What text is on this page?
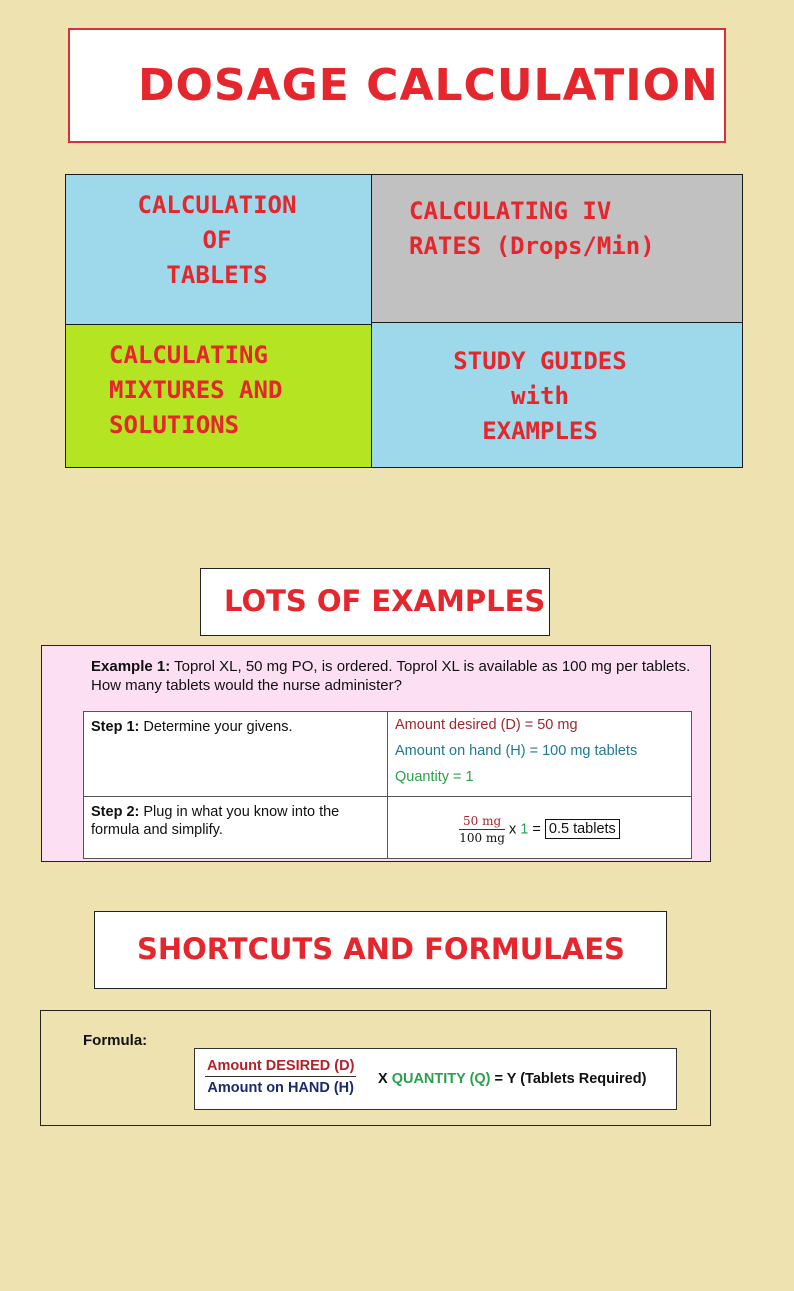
DOSAGE CALCULATION
CALCULATION
OF
TABLETS
CALCULATING IV
RATES (Drops/Min)
CALCULATING
MIXTURES AND
SOLUTIONS
STUDY GUIDES
with
EXAMPLES
LOTS OF EXAMPLES
Example 1: Toprol XL, 50 mg PO, is ordered. Toprol XL is available as 100 mg per tablets. How many tablets would the nurse administer?
Step 1: Determine your givens.	Amount desired (D) = 50 mg
Amount on hand (H) = 100 mg tablets
Quantity = 1

Step 2: Plug in what you know into the formula and simplify.	$\frac{50 mg}{100 mg}$ x 1 = 0.5 tablets
SHORTCUTS AND FORMULAES
Formula:
Amount DESIRED (D)
Amount on HAND (H)
X QUANTITY (Q) = Y (Tablets Required)
